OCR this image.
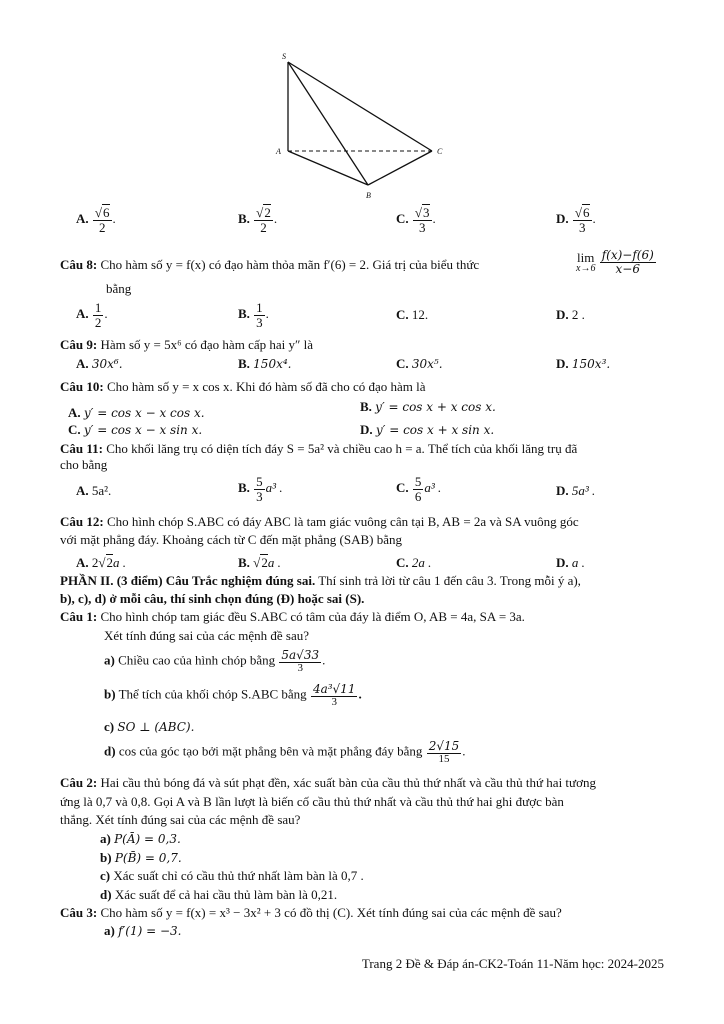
S
A
B
C
A. $\frac{√6}{2}$ .	B. $\frac{√2}{2}$ .	C. $\frac{√3}{3}$ .	D. $\frac{√6}{3}$ .
Câu 8: Cho hàm số y = f(x) có đạo hàm thỏa mãn f′(6) = 2. Giá trị của biểu thức	lim
x→6
$\frac{f(x)-f(6)}{x-6}$
bằng
A. $\frac{1}{2}$ .	B. $\frac{1}{3}$ .	C. 12.	D. 2 .
Câu 9: Hàm số y = 5x⁶ có đạo hàm cấp hai y″ là
A. 30x⁶.	B. 150x⁴.	C. 30x⁵.	D. 150x³.
Câu 10: Cho hàm số y = x cos x. Khi đó hàm số đã cho có đạo hàm là
A. y′ = cos x − x cos x.	B. y′ = cos x + x cos x.
C. y′ = cos x − x sin x.	D. y′ = cos x + x sin x.
Câu 11: Cho khối lăng trụ có diện tích đáy S = 5a² và chiều cao h = a. Thể tích của khối lăng trụ đã
cho bằng
A. 5a².	B. $\frac{5}{3} a^3$ .	C. $\frac{5}{6} a^3$ .	D. 5a³ .
Câu 12: Cho hình chóp S.ABC có đáy ABC là tam giác vuông cân tại B, AB = 2a và SA vuông góc
với mặt phẳng đáy. Khoảng cách từ C đến mặt phẳng (SAB) bằng
A. 2√2a .	B. √2a .	C. 2a .	D. a .
PHẦN II. (3 điểm) Câu Trắc nghiệm đúng sai. Thí sinh trả lời từ câu 1 đến câu 3. Trong mỗi ý a),
b), c), d) ở mỗi câu, thí sinh chọn đúng (Đ) hoặc sai (S).
Câu 1: Cho hình chóp tam giác đều S.ABC có tâm của đáy là điểm O, AB = 4a, SA = 3a.
Xét tính đúng sai của các mệnh đề sau?
a) Chiều cao của hình chóp bằng $\frac{5a√33}{3}$ .
b) Thể tích của khối chóp S.ABC bằng $\frac{\text{4a³√11}}{3}$ .
c) SO ⊥ (ABC).
d) cos của góc tạo bởi mặt phẳng bên và mặt phẳng đáy bằng $\frac{2√15}{15}$ .
Câu 2: Hai cầu thủ bóng đá và sút phạt đền, xác suất bàn của cầu thủ thứ nhất và cầu thủ thứ hai tương
ứng là 0,7 và 0,8. Gọi A và B lần lượt là biến cố cầu thủ thứ nhất và cầu thủ thứ hai ghi được bàn
thắng. Xét tính đúng sai của các mệnh đề sau?
a) P(Ā) = 0,3.
b) P(B̄) = 0,7.
c) Xác suất chỉ có cầu thủ thứ nhất làm bàn là 0,7 .
d) Xác suất để cả hai cầu thủ làm bàn là 0,21.
Câu 3: Cho hàm số y = f(x) = x³ − 3x² + 3 có đồ thị (C). Xét tính đúng sai của các mệnh đề sau?
a) f′(1) = −3.
Trang 2 Đề & Đáp án-CK2-Toán 11-Năm học: 2024-2025
